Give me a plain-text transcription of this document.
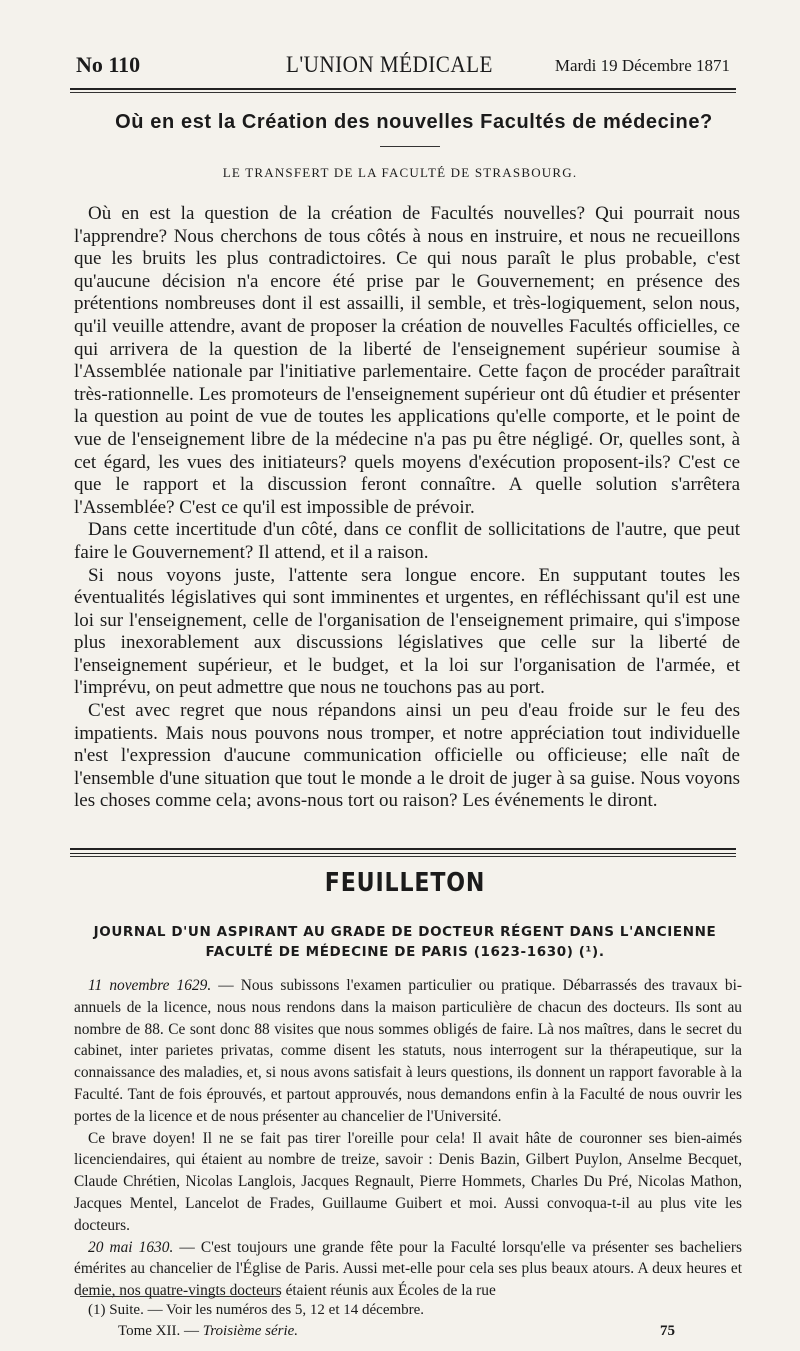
No 110	L'UNION MÉDICALE	Mardi 19 Décembre 1871
Où en est la Création des nouvelles Facultés de médecine?
LE TRANSFERT DE LA FACULTÉ DE STRASBOURG.

Où en est la question de la création de Facultés nouvelles? Qui pourrait nous l'apprendre? Nous cherchons de tous côtés à nous en instruire, et nous ne recueillons que les bruits les plus contradictoires. Ce qui nous paraît le plus probable, c'est qu'aucune décision n'a encore été prise par le Gouvernement; en présence des prétentions nombreuses dont il est assailli, il semble, et très-logiquement, selon nous, qu'il veuille attendre, avant de proposer la création de nouvelles Facultés officielles, ce qui arrivera de la question de la liberté de l'enseignement supérieur soumise à l'Assemblée nationale par l'initiative parlementaire. Cette façon de procéder paraîtrait très-rationnelle. Les promoteurs de l'enseignement supérieur ont dû étudier et présenter la question au point de vue de toutes les applications qu'elle comporte, et le point de vue de l'enseignement libre de la médecine n'a pas pu être négligé. Or, quelles sont, à cet égard, les vues des initiateurs? quels moyens d'exécution proposent-ils? C'est ce que le rapport et la discussion feront connaître. A quelle solution s'arrêtera l'Assemblée? C'est ce qu'il est impossible de prévoir.

Dans cette incertitude d'un côté, dans ce conflit de sollicitations de l'autre, que peut faire le Gouvernement? Il attend, et il a raison.

Si nous voyons juste, l'attente sera longue encore. En supputant toutes les éventualités législatives qui sont imminentes et urgentes, en réfléchissant qu'il est une loi sur l'enseignement, celle de l'organisation de l'enseignement primaire, qui s'impose plus inexorablement aux discussions législatives que celle sur la liberté de l'enseignement supérieur, et le budget, et la loi sur l'organisation de l'armée, et l'imprévu, on peut admettre que nous ne touchons pas au port.

C'est avec regret que nous répandons ainsi un peu d'eau froide sur le feu des impatients. Mais nous pouvons nous tromper, et notre appréciation tout individuelle n'est l'expression d'aucune communication officielle ou officieuse; elle naît de l'ensemble d'une situation que tout le monde a le droit de juger à sa guise. Nous voyons les choses comme cela; avons-nous tort ou raison? Les événements le diront.

FEUILLETON
JOURNAL D'UN ASPIRANT AU GRADE DE DOCTEUR RÉGENT DANS L'ANCIENNE FACULTÉ DE MÉDECINE DE PARIS (1623-1630) (¹).

11 novembre 1629. — Nous subissons l'examen particulier ou pratique. Débarrassés des travaux bi-annuels de la licence, nous nous rendons dans la maison particulière de chacun des docteurs. Ils sont au nombre de 88. Ce sont donc 88 visites que nous sommes obligés de faire. Là nos maîtres, dans le secret du cabinet, inter parietes privatas, comme disent les statuts, nous interrogent sur la thérapeutique, sur la connaissance des maladies, et, si nous avons satisfait à leurs questions, ils donnent un rapport favorable à la Faculté. Tant de fois éprouvés, et partout approuvés, nous demandons enfin à la Faculté de nous ouvrir les portes de la licence et de nous présenter au chancelier de l'Université.

Ce brave doyen! Il ne se fait pas tirer l'oreille pour cela! Il avait hâte de couronner ses bien-aimés licenciendaires, qui étaient au nombre de treize, savoir : Denis Bazin, Gilbert Puylon, Anselme Becquet, Claude Chrétien, Nicolas Langlois, Jacques Regnault, Pierre Hommets, Charles Du Pré, Nicolas Mathon, Jacques Mentel, Lancelot de Frades, Guillaume Guibert et moi. Aussi convoqua-t-il au plus vite les docteurs.

20 mai 1630. — C'est toujours une grande fête pour la Faculté lorsqu'elle va présenter ses bacheliers émérites au chancelier de l'Église de Paris. Aussi met-elle pour cela ses plus beaux atours. A deux heures et demie, nos quatre-vingts docteurs étaient réunis aux Écoles de la rue

(1) Suite. — Voir les numéros des 5, 12 et 14 décembre.
Tome XII. — Troisième série.	75
